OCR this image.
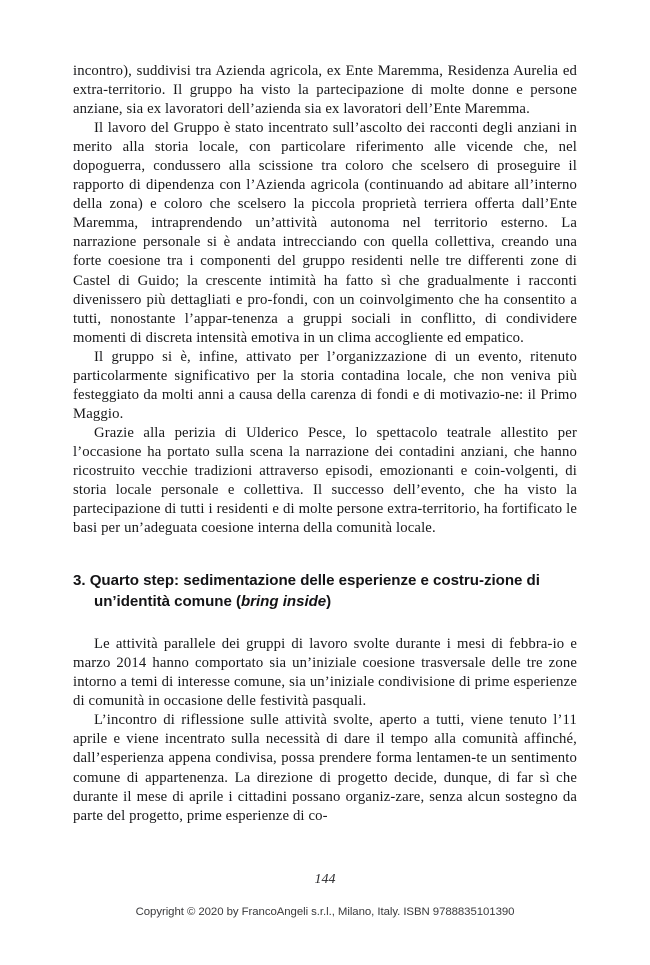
incontro), suddivisi tra Azienda agricola, ex Ente Maremma, Residenza Aurelia ed extra-territorio. Il gruppo ha visto la partecipazione di molte donne e persone anziane, sia ex lavoratori dell’azienda sia ex lavoratori dell’Ente Maremma.

Il lavoro del Gruppo è stato incentrato sull’ascolto dei racconti degli anziani in merito alla storia locale, con particolare riferimento alle vicende che, nel dopoguerra, condussero alla scissione tra coloro che scelsero di proseguire il rapporto di dipendenza con l’Azienda agricola (continuando ad abitare all’interno della zona) e coloro che scelsero la piccola proprietà terriera offerta dall’Ente Maremma, intraprendendo un’attività autonoma nel territorio esterno. La narrazione personale si è andata intrecciando con quella collettiva, creando una forte coesione tra i componenti del gruppo residenti nelle tre differenti zone di Castel di Guido; la crescente intimità ha fatto sì che gradualmente i racconti divenissero più dettagliati e pro-fondi, con un coinvolgimento che ha consentito a tutti, nonostante l’appar-tenenza a gruppi sociali in conflitto, di condividere momenti di discreta intensità emotiva in un clima accogliente ed empatico.

Il gruppo si è, infine, attivato per l’organizzazione di un evento, ritenuto particolarmente significativo per la storia contadina locale, che non veniva più festeggiato da molti anni a causa della carenza di fondi e di motivazio-ne: il Primo Maggio.

Grazie alla perizia di Ulderico Pesce, lo spettacolo teatrale allestito per l’occasione ha portato sulla scena la narrazione dei contadini anziani, che hanno ricostruito vecchie tradizioni attraverso episodi, emozionanti e coin-volgenti, di storia locale personale e collettiva. Il successo dell’evento, che ha visto la partecipazione di tutti i residenti e di molte persone extra-territorio, ha fortificato le basi per un’adeguata coesione interna della comunità locale.

3. Quarto step: sedimentazione delle esperienze e costru-zione di un’identità comune (bring inside)

Le attività parallele dei gruppi di lavoro svolte durante i mesi di febbra-io e marzo 2014 hanno comportato sia un’iniziale coesione trasversale delle tre zone intorno a temi di interesse comune, sia un’iniziale condivisione di prime esperienze di comunità in occasione delle festività pasquali.

L’incontro di riflessione sulle attività svolte, aperto a tutti, viene tenuto l’11 aprile e viene incentrato sulla necessità di dare il tempo alla comunità affinché, dall’esperienza appena condivisa, possa prendere forma lentamen-te un sentimento comune di appartenenza. La direzione di progetto decide, dunque, di far sì che durante il mese di aprile i cittadini possano organiz-zare, senza alcun sostegno da parte del progetto, prime esperienze di co-

144
Copyright © 2020 by FrancoAngeli s.r.l., Milano, Italy. ISBN 9788835101390
